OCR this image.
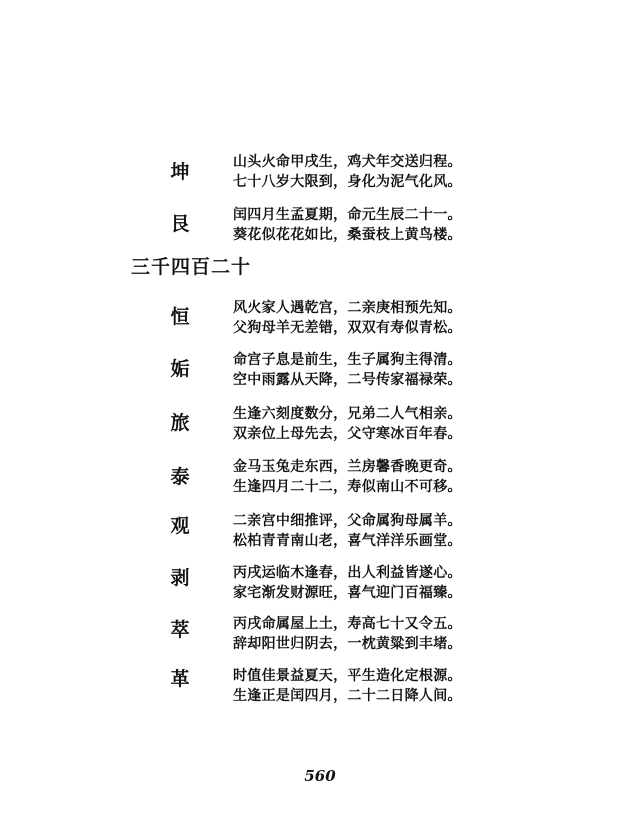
坤	山头火命甲戌生，鸡犬年交送归程。
七十八岁大限到，身化为泥气化风。
艮	闰四月生孟夏期，命元生辰二十一。
葵花似花花如比，桑蚕枝上黄鸟楼。
三千四百二十
恒	风火家人遇乾宫，二亲庚相预先知。
父狗母羊无差错，双双有寿似青松。
姤	命宫子息是前生，生子属狗主得清。
空中雨露从天降，二号传家福禄荣。
旅	生逢六刻度数分，兄弟二人气相亲。
双亲位上母先去，父守寒冰百年春。
泰	金马玉兔走东西，兰房馨香晚更奇。
生逢四月二十二，寿似南山不可移。
观	二亲宫中细推评，父命属狗母属羊。
松柏青青南山老，喜气洋洋乐画堂。
剥	丙戌运临木逢春，出人利益皆遂心。
家宅渐发财源旺，喜气迎门百福臻。
萃	丙戌命属屋上土，寿高七十又令五。
辞却阳世归阴去，一枕黄粱到丰堵。
革	时值佳景益夏天，平生造化定根源。
生逢正是闰四月，二十二日降人间。
560
